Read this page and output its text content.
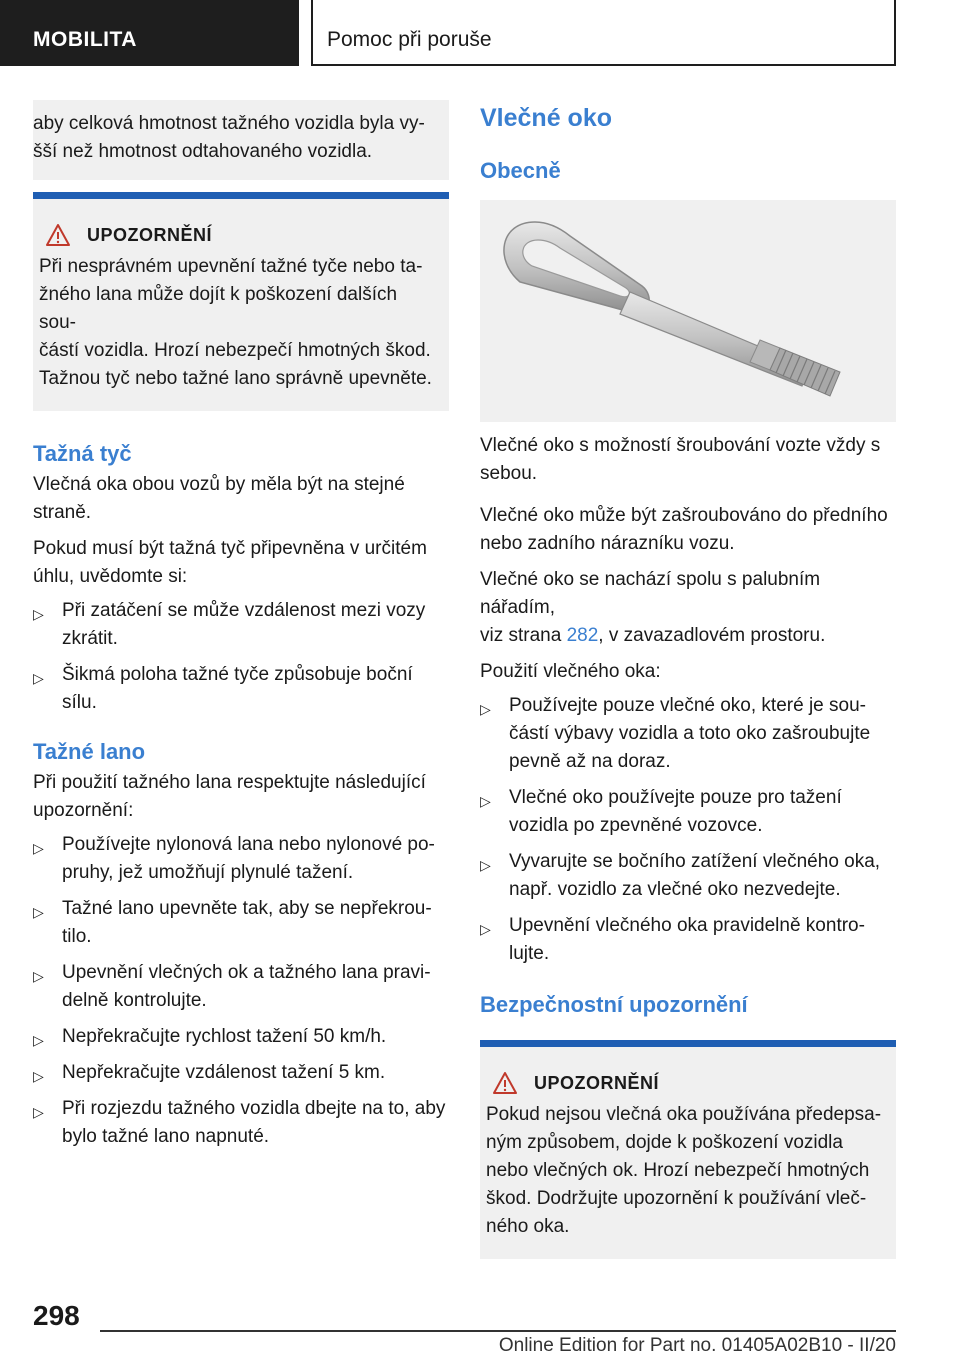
MOBILITA	Pomoc při poruše

aby celková hmotnost tažného vozidla byla vy‐

šší než hmotnost odtahovaného vozidla.

UPOZORNĚNÍ

Při nesprávném upevnění tažné tyče nebo ta‐

žného lana může dojít k poškození dalších sou‐

částí vozidla. Hrozí nebezpečí hmotných škod.

Tažnou tyč nebo tažné lano správně upevněte.

Tažná tyč

Vlečná oka obou vozů by měla být na stejné

straně.

Pokud musí být tažná tyč připevněna v určitém

úhlu, uvědomte si:

▷ Při zatáčení se může vzdálenost mezi vozy
zkrátit.
▷ Šikmá poloha tažné tyče způsobuje boční
sílu.
Tažné lano

Při použití tažného lana respektujte následující

upozornění:

▷ Používejte nylonová lana nebo nylonové po‐
pruhy, jež umožňují plynulé tažení.
▷ Tažné lano upevněte tak, aby se nepřekrou‐
tilo.
▷ Upevnění vlečných ok a tažného lana pravi‐
delně kontrolujte.
▷ Nepřekračujte rychlost tažení 50 km/h.
▷ Nepřekračujte vzdálenost tažení 5 km.
▷ Při rozjezdu tažného vozidla dbejte na to, aby
bylo tažné lano napnuté.
Vlečné oko
Obecně

Vlečné oko s možností šroubování vozte vždy s

sebou.

Vlečné oko může být zašroubováno do předního

nebo zadního nárazníku vozu.

Vlečné oko se nachází spolu s palubním nářadím,

viz strana 282, v zavazadlovém prostoru.

Použití vlečného oka:

▷ Používejte pouze vlečné oko, které je sou‐
částí výbavy vozidla a toto oko zašroubujte
pevně až na doraz.
▷ Vlečné oko používejte pouze pro tažení
vozidla po zpevněné vozovce.
▷ Vyvarujte se bočního zatížení vlečného oka,
např. vozidlo za vlečné oko nezvedejte.
▷ Upevnění vlečného oka pravidelně kontro‐
lujte.
Bezpečnostní upozornění
UPOZORNĚNÍ

Pokud nejsou vlečná oka používána předepsa‐

ným způsobem, dojde k poškození vozidla

nebo vlečných ok. Hrozí nebezpečí hmotných

škod. Dodržujte upozornění k používání vleč‐

ného oka.

298
Online Edition for Part no. 01405A02B10 - II/20
